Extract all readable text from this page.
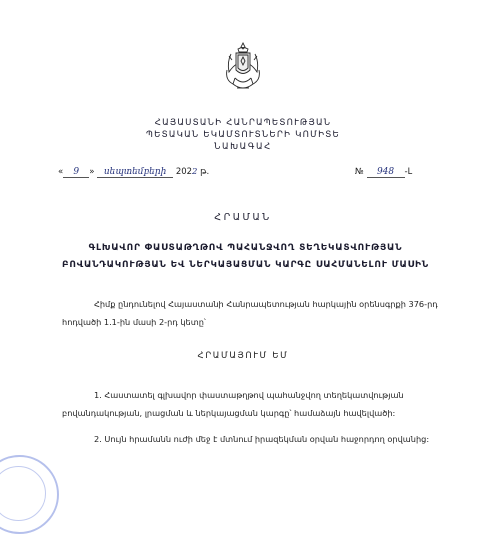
ՀԱՅԱՍՏԱՆԻ ՀԱՆՐԱՊԵՏՈՒԹՅԱՆ
ՊԵՏԱԿԱՆ ԵԿԱՄՏՈՒՏՆԵՐԻ ԿՈՄԻՏԵ
ՆԱԽԱԳԱՀ
« 9 » սեպտեմբերի 2022 թ.	№ 948 -Լ
ՀՐԱՄԱՆ
ԳԼԽԱՎՈՐ ՓԱՍՏԱԹՂԹՈՎ ՊԱՀԱՆՋՎՈՂ ՏԵՂԵԿԱՏՎՈՒԹՅԱՆ
ԲՈՎԱՆԴԱԿՈՒԹՅԱՆ ԵՎ ՆԵՐԿԱՅԱՑՄԱՆ ԿԱՐԳԸ ՍԱՀՄԱՆԵԼՈՒ ՄԱՍԻՆ
Հիմք ընդունելով Հայաստանի Հանրապետության հարկային օրենսգրքի 376-րդ հոդվածի 1.1-ին մասի 2-րդ կետը՝
ՀՐԱՄԱՅՈՒՄ ԵՄ
1. Հաստատել գլխավոր փաստաթղթով պահանջվող տեղեկատվության բովանդակության, լրացման և ներկայացման կարգը՝ համաձայն հավելվածի:
2. Սույն հրամանն ուժի մեջ է մտնում իրազեկման օրվան հաջորդող օրվանից:
